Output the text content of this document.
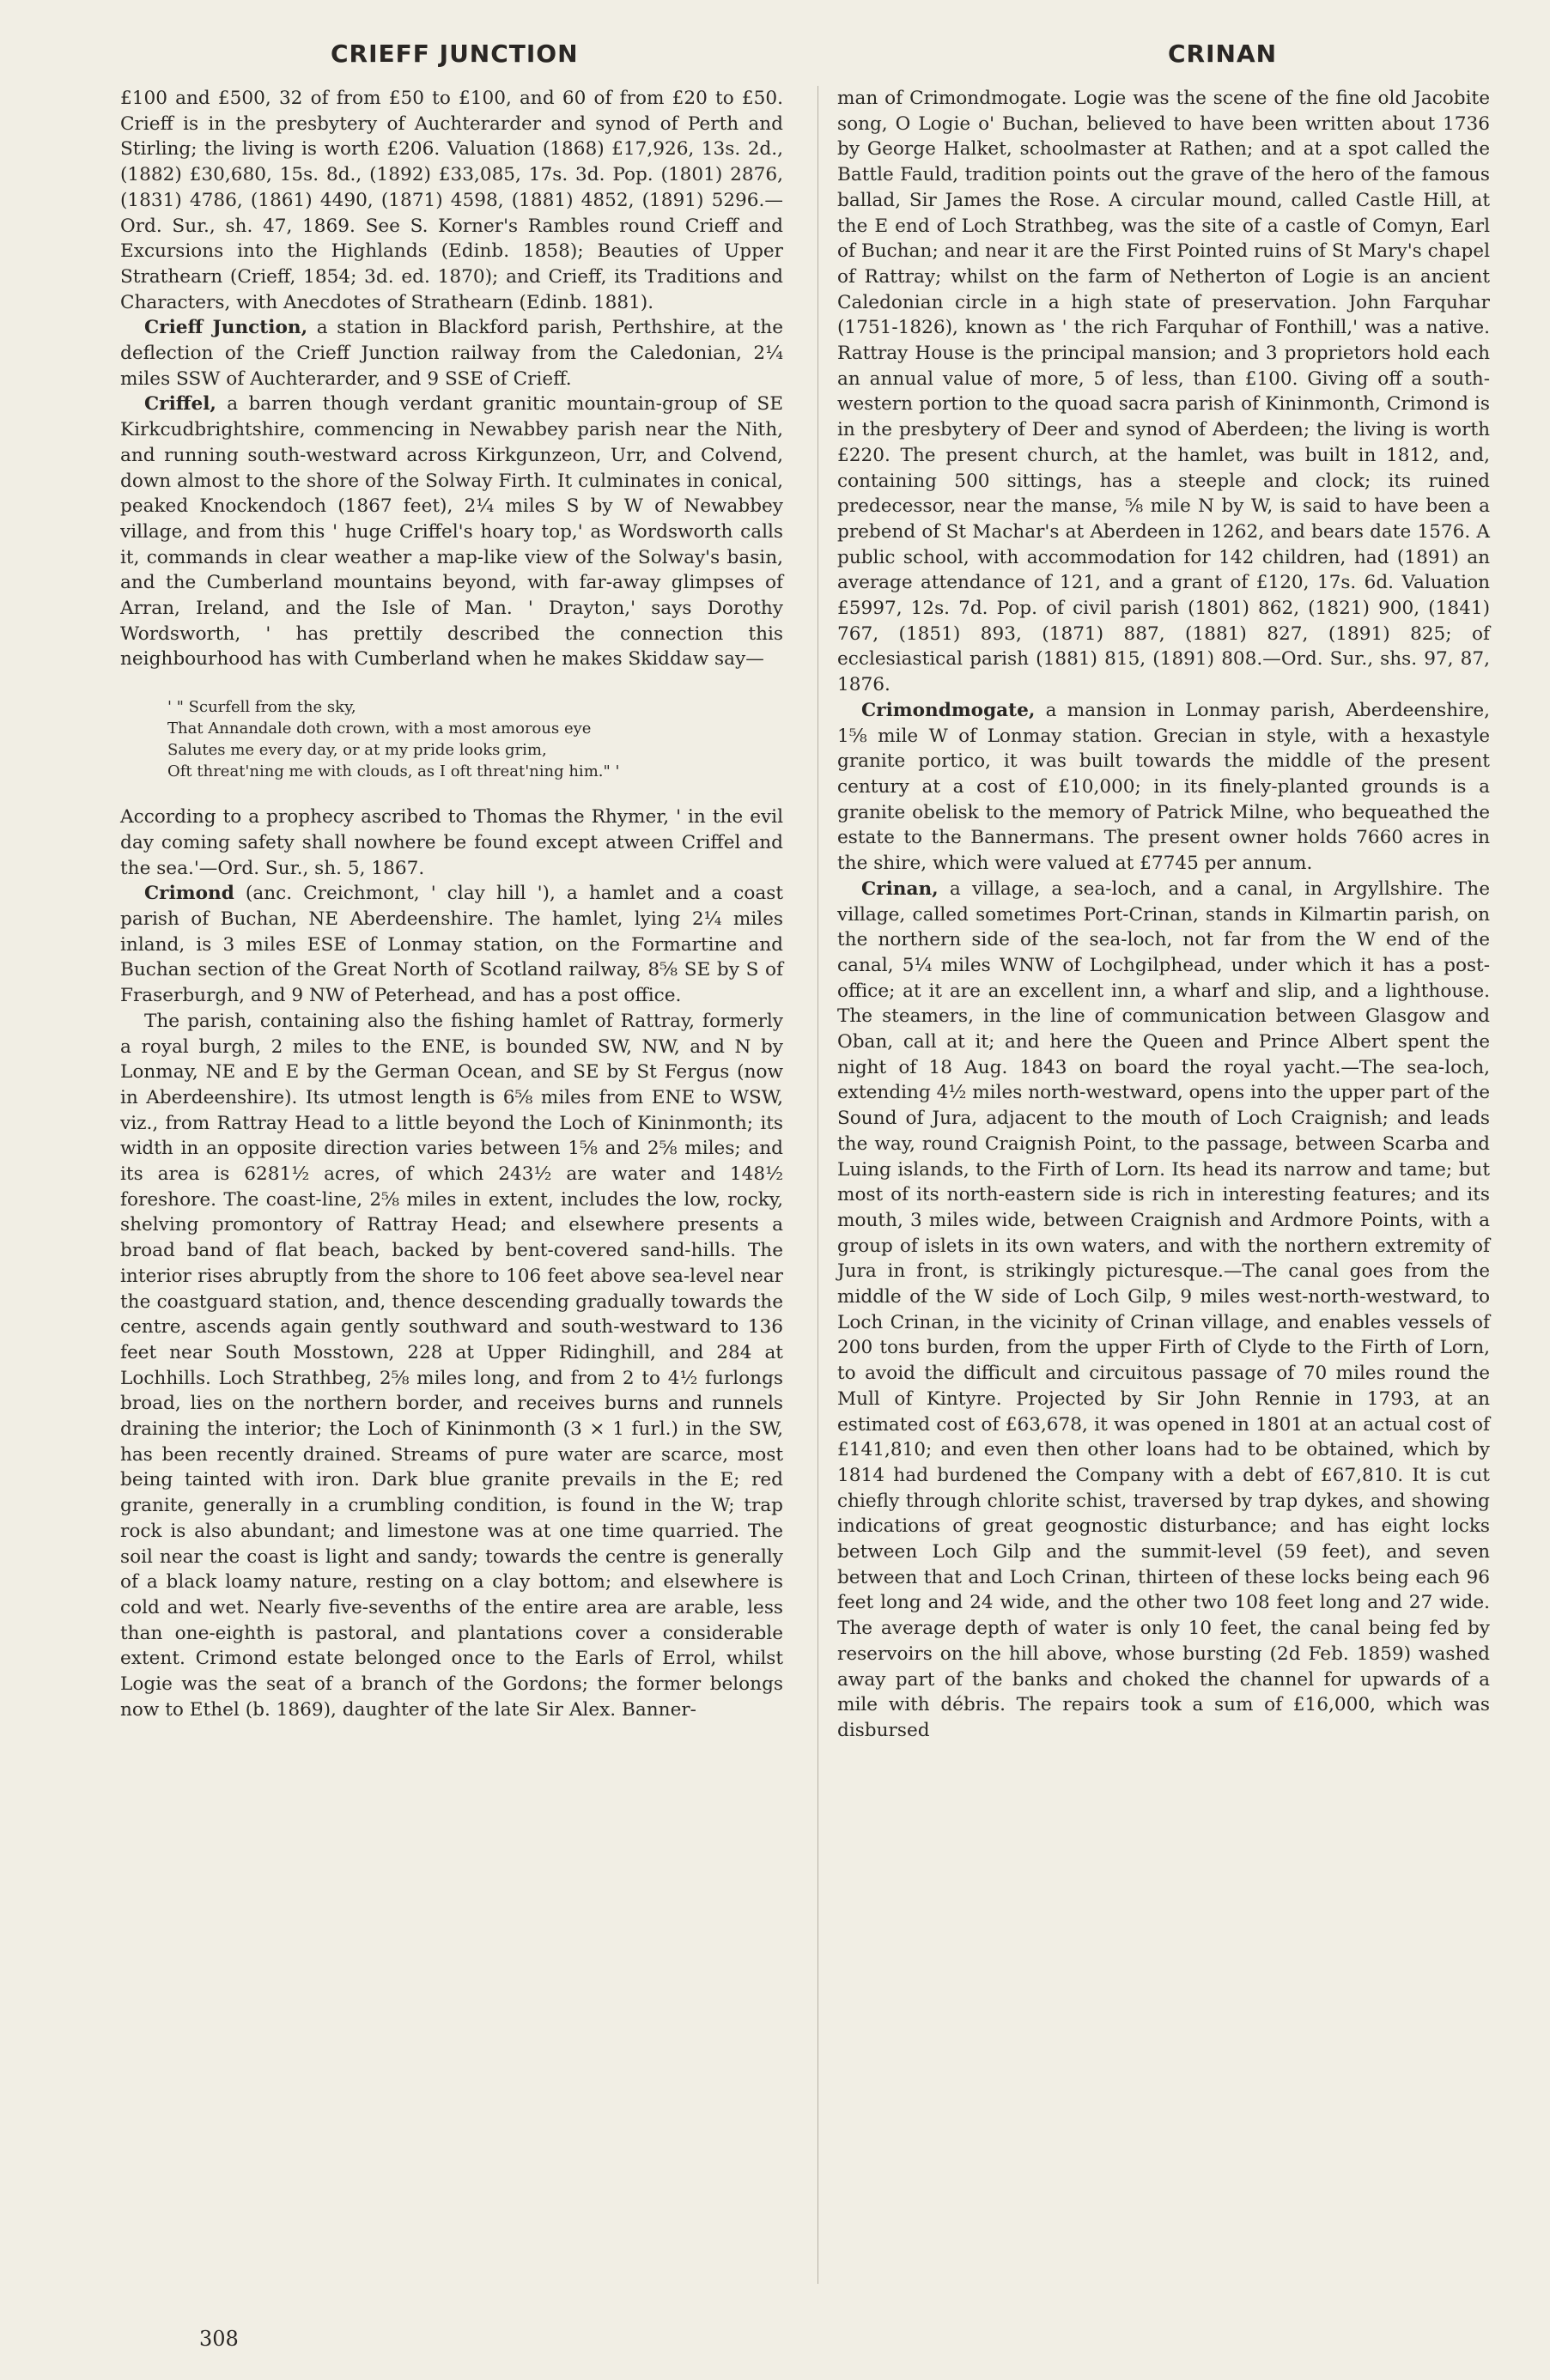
CRIEFF JUNCTION	CRINAN

£100 and £500, 32 of from £50 to £100, and 60 of from £20 to £50. Crieff is in the presbytery of Auchterarder and synod of Perth and Stirling; the living is worth £206. Valuation (1868) £17,926, 13s. 2d., (1882) £30,680, 15s. 8d., (1892) £33,085, 17s. 3d. Pop. (1801) 2876, (1831) 4786, (1861) 4490, (1871) 4598, (1881) 4852, (1891) 5296.—Ord. Sur., sh. 47, 1869. See S. Korner's Rambles round Crieff and Excursions into the Highlands (Edinb. 1858); Beauties of Upper Strathearn (Crieff, 1854; 3d. ed. 1870); and Crieff, its Traditions and Characters, with Anecdotes of Strathearn (Edinb. 1881).

Crieff Junction, a station in Blackford parish, Perthshire, at the deflection of the Crieff Junction railway from the Caledonian, 2¼ miles SSW of Auchterarder, and 9 SSE of Crieff.

Criffel, a barren though verdant granitic mountain-group of SE Kirkcudbrightshire, commencing in Newabbey parish near the Nith, and running south-westward across Kirkgunzeon, Urr, and Colvend, down almost to the shore of the Solway Firth. It culminates in conical, peaked Knockendoch (1867 feet), 2¼ miles S by W of Newabbey village, and from this ' huge Criffel's hoary top,' as Wordsworth calls it, commands in clear weather a map-like view of the Solway's basin, and the Cumberland mountains beyond, with far-away glimpses of Arran, Ireland, and the Isle of Man. ' Drayton,' says Dorothy Wordsworth, ' has prettily described the connection this neighbourhood has with Cumberland when he makes Skiddaw say—

' " Scurfell from the sky,
That Annandale doth crown, with a most amorous eye
Salutes me every day, or at my pride looks grim,
Oft threat'ning me with clouds, as I oft threat'ning him." '

According to a prophecy ascribed to Thomas the Rhymer, ' in the evil day coming safety shall nowhere be found except atween Criffel and the sea.'—Ord. Sur., sh. 5, 1867.

Crimond (anc. Creichmont, ' clay hill '), a hamlet and a coast parish of Buchan, NE Aberdeenshire. The hamlet, lying 2¼ miles inland, is 3 miles ESE of Lonmay station, on the Formartine and Buchan section of the Great North of Scotland railway, 8⅝ SE by S of Fraserburgh, and 9 NW of Peterhead, and has a post office.

The parish, containing also the fishing hamlet of Rattray, formerly a royal burgh, 2 miles to the ENE, is bounded SW, NW, and N by Lonmay, NE and E by the German Ocean, and SE by St Fergus (now in Aberdeenshire). Its utmost length is 6⅝ miles from ENE to WSW, viz., from Rattray Head to a little beyond the Loch of Kininmonth; its width in an opposite direction varies between 1⅝ and 2⅝ miles; and its area is 6281½ acres, of which 243½ are water and 148½ foreshore. The coast-line, 2⅝ miles in extent, includes the low, rocky, shelving promontory of Rattray Head; and elsewhere presents a broad band of flat beach, backed by bent-covered sand-hills. The interior rises abruptly from the shore to 106 feet above sea-level near the coastguard station, and, thence descending gradually towards the centre, ascends again gently southward and south-westward to 136 feet near South Mosstown, 228 at Upper Ridinghill, and 284 at Lochhills. Loch Strathbeg, 2⅝ miles long, and from 2 to 4½ furlongs broad, lies on the northern border, and receives burns and runnels draining the interior; the Loch of Kininmonth (3 × 1 furl.) in the SW, has been recently drained. Streams of pure water are scarce, most being tainted with iron. Dark blue granite prevails in the E; red granite, generally in a crumbling condition, is found in the W; trap rock is also abundant; and limestone was at one time quarried. The soil near the coast is light and sandy; towards the centre is generally of a black loamy nature, resting on a clay bottom; and elsewhere is cold and wet. Nearly five-sevenths of the entire area are arable, less than one-eighth is pastoral, and plantations cover a considerable extent. Crimond estate belonged once to the Earls of Errol, whilst Logie was the seat of a branch of the Gordons; the former belongs now to Ethel (b. 1869), daughter of the late Sir Alex. Banner-

man of Crimondmogate. Logie was the scene of the fine old Jacobite song, O Logie o' Buchan, believed to have been written about 1736 by George Halket, schoolmaster at Rathen; and at a spot called the Battle Fauld, tradition points out the grave of the hero of the famous ballad, Sir James the Rose. A circular mound, called Castle Hill, at the E end of Loch Strathbeg, was the site of a castle of Comyn, Earl of Buchan; and near it are the First Pointed ruins of St Mary's chapel of Rattray; whilst on the farm of Netherton of Logie is an ancient Caledonian circle in a high state of preservation. John Farquhar (1751-1826), known as ' the rich Farquhar of Fonthill,' was a native. Rattray House is the principal mansion; and 3 proprietors hold each an annual value of more, 5 of less, than £100. Giving off a south-western portion to the quoad sacra parish of Kininmonth, Crimond is in the presbytery of Deer and synod of Aberdeen; the living is worth £220. The present church, at the hamlet, was built in 1812, and, containing 500 sittings, has a steeple and clock; its ruined predecessor, near the manse, ⅝ mile N by W, is said to have been a prebend of St Machar's at Aberdeen in 1262, and bears date 1576. A public school, with accommodation for 142 children, had (1891) an average attendance of 121, and a grant of £120, 17s. 6d. Valuation £5997, 12s. 7d. Pop. of civil parish (1801) 862, (1821) 900, (1841) 767, (1851) 893, (1871) 887, (1881) 827, (1891) 825; of ecclesiastical parish (1881) 815, (1891) 808.—Ord. Sur., shs. 97, 87, 1876.

Crimondmogate, a mansion in Lonmay parish, Aberdeenshire, 1⅝ mile W of Lonmay station. Grecian in style, with a hexastyle granite portico, it was built towards the middle of the present century at a cost of £10,000; in its finely-planted grounds is a granite obelisk to the memory of Patrick Milne, who bequeathed the estate to the Bannermans. The present owner holds 7660 acres in the shire, which were valued at £7745 per annum.

Crinan, a village, a sea-loch, and a canal, in Argyllshire. The village, called sometimes Port-Crinan, stands in Kilmartin parish, on the northern side of the sea-loch, not far from the W end of the canal, 5¼ miles WNW of Lochgilphead, under which it has a post-office; at it are an excellent inn, a wharf and slip, and a lighthouse. The steamers, in the line of communication between Glasgow and Oban, call at it; and here the Queen and Prince Albert spent the night of 18 Aug. 1843 on board the royal yacht.—The sea-loch, extending 4½ miles north-westward, opens into the upper part of the Sound of Jura, adjacent to the mouth of Loch Craignish; and leads the way, round Craignish Point, to the passage, between Scarba and Luing islands, to the Firth of Lorn. Its head its narrow and tame; but most of its north-eastern side is rich in interesting features; and its mouth, 3 miles wide, between Craignish and Ardmore Points, with a group of islets in its own waters, and with the northern extremity of Jura in front, is strikingly picturesque.—The canal goes from the middle of the W side of Loch Gilp, 9 miles west-north-westward, to Loch Crinan, in the vicinity of Crinan village, and enables vessels of 200 tons burden, from the upper Firth of Clyde to the Firth of Lorn, to avoid the difficult and circuitous passage of 70 miles round the Mull of Kintyre. Projected by Sir John Rennie in 1793, at an estimated cost of £63,678, it was opened in 1801 at an actual cost of £141,810; and even then other loans had to be obtained, which by 1814 had burdened the Company with a debt of £67,810. It is cut chiefly through chlorite schist, traversed by trap dykes, and showing indications of great geognostic disturbance; and has eight locks between Loch Gilp and the summit-level (59 feet), and seven between that and Loch Crinan, thirteen of these locks being each 96 feet long and 24 wide, and the other two 108 feet long and 27 wide. The average depth of water is only 10 feet, the canal being fed by reservoirs on the hill above, whose bursting (2d Feb. 1859) washed away part of the banks and choked the channel for upwards of a mile with débris. The repairs took a sum of £16,000, which was disbursed

308
